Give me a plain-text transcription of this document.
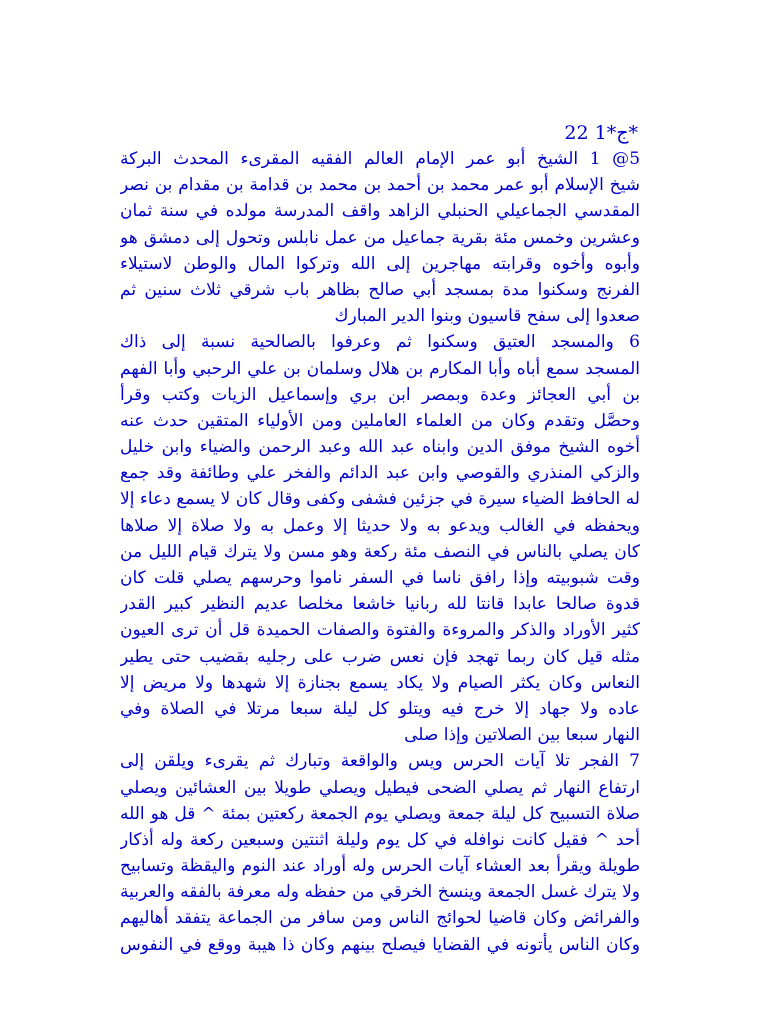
22 ج*1*
5@ 1 الشيخ أبو عمر الإمام العالم الفقيه المقرىء المحدث البركة
شيخ الإسلام أبو عمر محمد بن أحمد بن محمد بن قدامة بن مقدام بن نصر
المقدسي الجماعيلي الحنبلي الزاهد واقف المدرسة مولده في سنة ثمان
وعشرين وخمس مئة بقرية جماعيل من عمل نابلس وتحول إلى دمشق هو
وأبوه وأخوه وقرابته مهاجرين إلى الله وتركوا المال والوطن لاستيلاء
الفرنج وسكنوا مدة بمسجد أبي صالح بظاهر باب شرقي ثلاث سنين ثم
صعدوا إلى سفح قاسيون وبنوا الدير المبارك
6 والمسجد العتيق وسكنوا ثم وعرفوا بالصالحية نسبة إلى ذاك
المسجد سمع أباه وأبا المكارم بن هلال وسلمان بن علي الرحبي وأبا الفهم
بن أبي العجائز وعدة وبمصر ابن بري وإسماعيل الزيات وكتب وقرأ
وحصَّل وتقدم وكان من العلماء العاملين ومن الأولياء المتقين حدث عنه
أخوه الشيخ موفق الدين وابناه عبد الله وعبد الرحمن والضياء وابن خليل
والزكي المنذري والقوصي وابن عبد الدائم والفخر علي وطائفة وقد جمع
له الحافظ الضياء سيرة في جزئين فشفى وكفى وقال كان لا يسمع دعاء إلا
ويحفظه في الغالب ويدعو به ولا حديثا إلا وعمل به ولا صلاة إلا صلاها
كان يصلي بالناس في النصف مئة ركعة وهو مسن ولا يترك قيام الليل من
وقت شبوبيته وإذا رافق ناسا في السفر ناموا وحرسهم يصلي قلت كان
قدوة صالحا عابدا قانتا لله ربانيا خاشعا مخلصا عديم النظير كبير القدر
كثير الأوراد والذكر والمروءة والفتوة والصفات الحميدة قل أن ترى العيون
مثله قيل كان ربما تهجد فإن نعس ضرب على رجليه بقضيب حتى يطير
النعاس وكان يكثر الصيام ولا يكاد يسمع بجنازة إلا شهدها ولا مريض إلا
عاده ولا جهاد إلا خرج فيه ويتلو كل ليلة سبعا مرتلا في الصلاة وفي
النهار سبعا بين الصلاتين وإذا صلى
7 الفجر تلا آيات الحرس ويس والواقعة وتبارك ثم يقرىء ويلقن إلى
ارتفاع النهار ثم يصلي الضحى فيطيل ويصلي طويلا بين العشائين ويصلي
صلاة التسبيح كل ليلة جمعة ويصلي يوم الجمعة ركعتين بمئة ^ قل هو الله
أحد ^ فقيل كانت نوافله في كل يوم وليلة اثنتين وسبعين ركعة وله أذكار
طويلة ويقرأ بعد العشاء آيات الحرس وله أوراد عند النوم واليقظة وتسابيح
ولا يترك غسل الجمعة وينسخ الخرقي من حفظه وله معرفة بالفقه والعربية
والفرائض وكان قاضيا لحوائج الناس ومن سافر من الجماعة يتفقد أهاليهم
وكان الناس يأتونه في القضايا فيصلح بينهم وكان ذا هيبة ووقع في النفوس
